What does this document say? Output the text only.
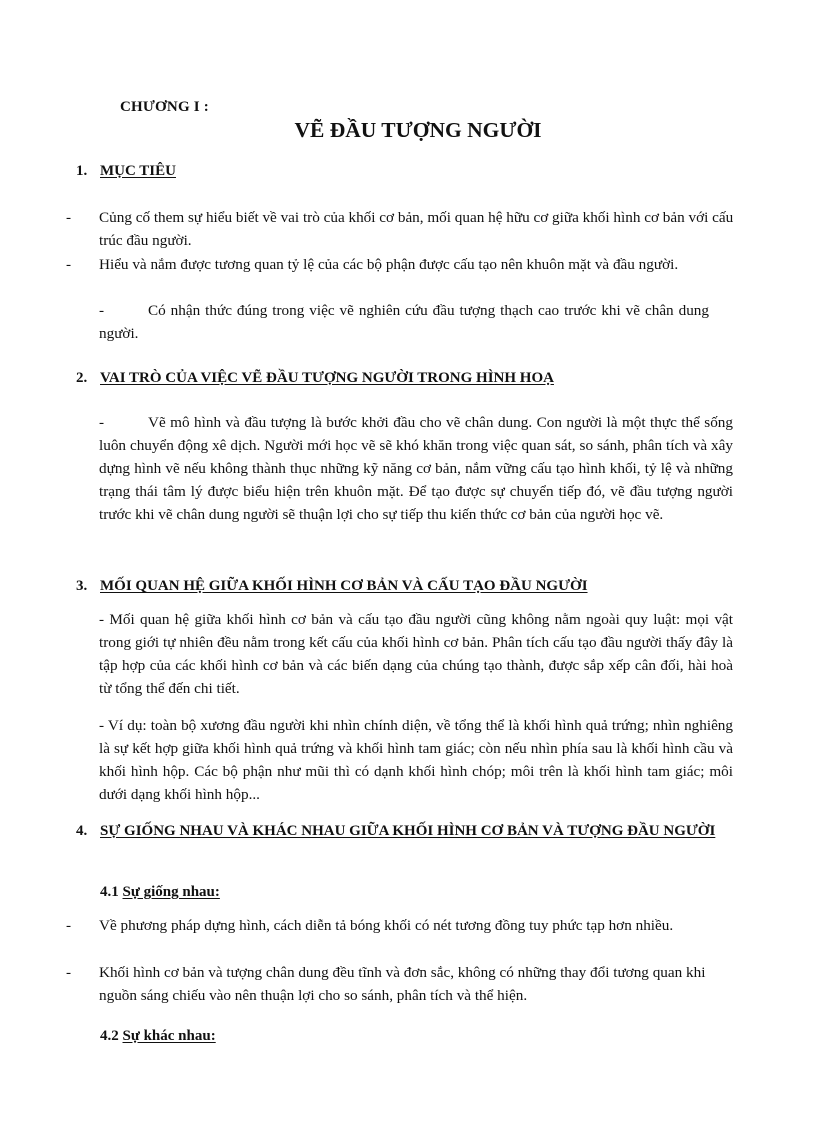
CHƯƠNG I :
VẼ ĐẦU TƯỢNG NGƯỜI
1. MỤC TIÊU
- Củng cố them sự hiểu biết về vai trò của khối cơ bản, mối quan hệ hữu cơ giữa khối hình cơ bản với cấu trúc đầu người.
- Hiểu và nắm được tương quan tỷ lệ của các bộ phận được cấu tạo nên khuôn mặt và đầu người.
-	Có nhận thức đúng trong việc vẽ nghiên cứu đầu tượng thạch cao trước khi vẽ chân dung người.
2. VAI TRÒ CỦA VIỆC VẼ ĐẦU TƯỢNG NGƯỜI TRONG HÌNH HOẠ
-	Vẽ mô hình và đầu tượng là bước khởi đầu cho vẽ chân dung. Con người là một thực thể sống luôn chuyển động xê dịch. Người mới học vẽ sẽ khó khăn trong việc quan sát, so sánh, phân tích và xây dựng hình vẽ nếu không thành thục những kỹ năng cơ bản, nắm vững cấu tạo hình khối, tỷ lệ và những trạng thái tâm lý được biểu hiện trên khuôn mặt. Để tạo được sự chuyển tiếp đó, vẽ đầu tượng người trước khi vẽ chân dung người sẽ thuận lợi cho sự tiếp thu kiến thức cơ bản của người học vẽ.
3. MỐI QUAN HỆ GIỮA KHỐI HÌNH CƠ BẢN VÀ CẤU TẠO ĐẦU NGƯỜI
- Mối quan hệ giữa khối hình cơ bản và cấu tạo đầu người cũng không nằm ngoài quy luật: mọi vật trong giới tự nhiên đều nằm trong kết cấu của khối hình cơ bản. Phân tích cấu tạo đầu người thấy đây là tập hợp của các khối hình cơ bản và các biến dạng của chúng tạo thành, được sắp xếp cân đối, hài hoà từ tổng thể đến chi tiết.
- Ví dụ: toàn bộ xương đầu người khi nhìn chính diện, về tổng thể là khối hình quả trứng; nhìn nghiêng là sự kết hợp giữa khối hình quả trứng và khối hình tam giác; còn nếu nhìn phía sau là khối hình cầu và khối hình hộp. Các bộ phận như mũi thì có dạnh khối hình chóp; môi trên là khối hình tam giác; môi dưới dạng khối hình hộp...
4. SỰ GIỐNG NHAU VÀ KHÁC NHAU GIỮA KHỐI HÌNH CƠ BẢN VÀ TƯỢNG ĐẦU NGƯỜI
4.1 Sự giống nhau:
- Về phương pháp dựng hình, cách diễn tả bóng khối có nét tương đồng tuy phức tạp hơn nhiều.
- Khối hình cơ bản và tượng chân dung đều tĩnh và đơn sắc, không có những thay đổi tương quan khi nguồn sáng chiếu vào nên thuận lợi cho so sánh, phân tích và thể hiện.
4.2 Sự khác nhau:
